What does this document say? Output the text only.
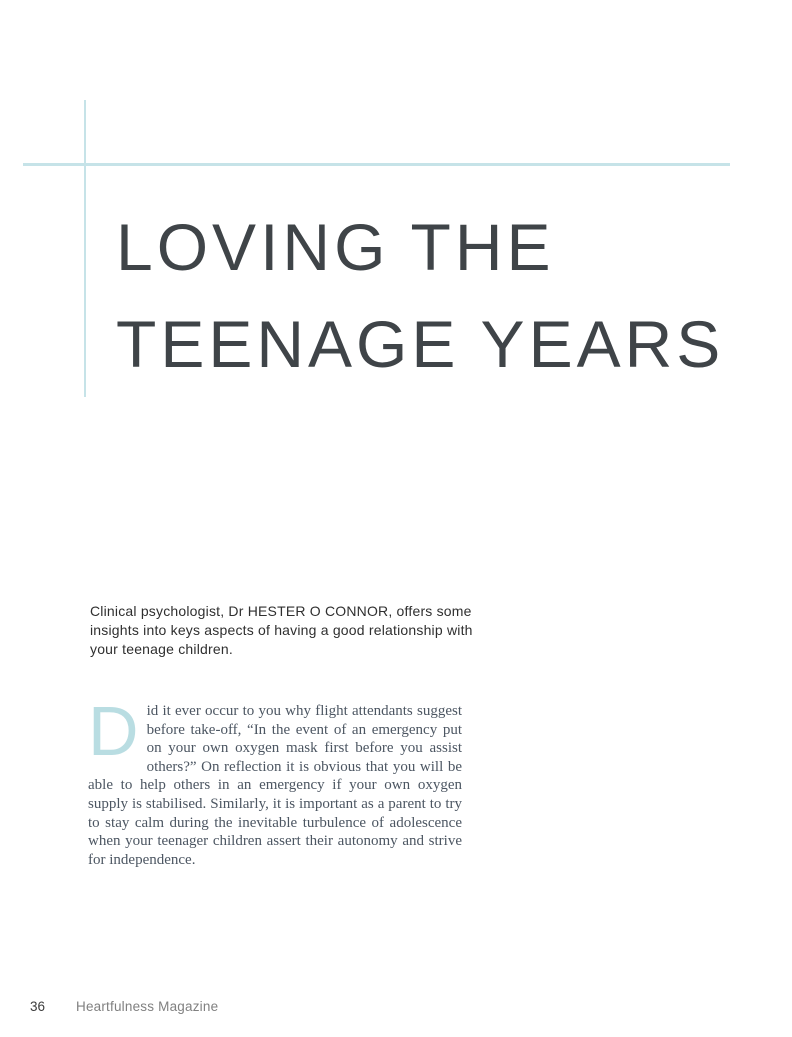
LOVING THE
TEENAGE YEARS
Clinical psychologist, Dr HESTER O CONNOR, offers some
insights into keys aspects of having a good relationship with
your teenage children.
Did it ever occur to you why flight attendants suggest before take-off, “In the event of an emergency put on your own oxygen mask first before you assist others?” On reflection it is obvious that you will be able to help others in an emergency if your own oxygen supply is stabilised. Similarly, it is important as a parent to try to stay calm during the inevitable turbulence of adolescence when your teenager children assert their autonomy and strive for independence.
36 Heartfulness Magazine
